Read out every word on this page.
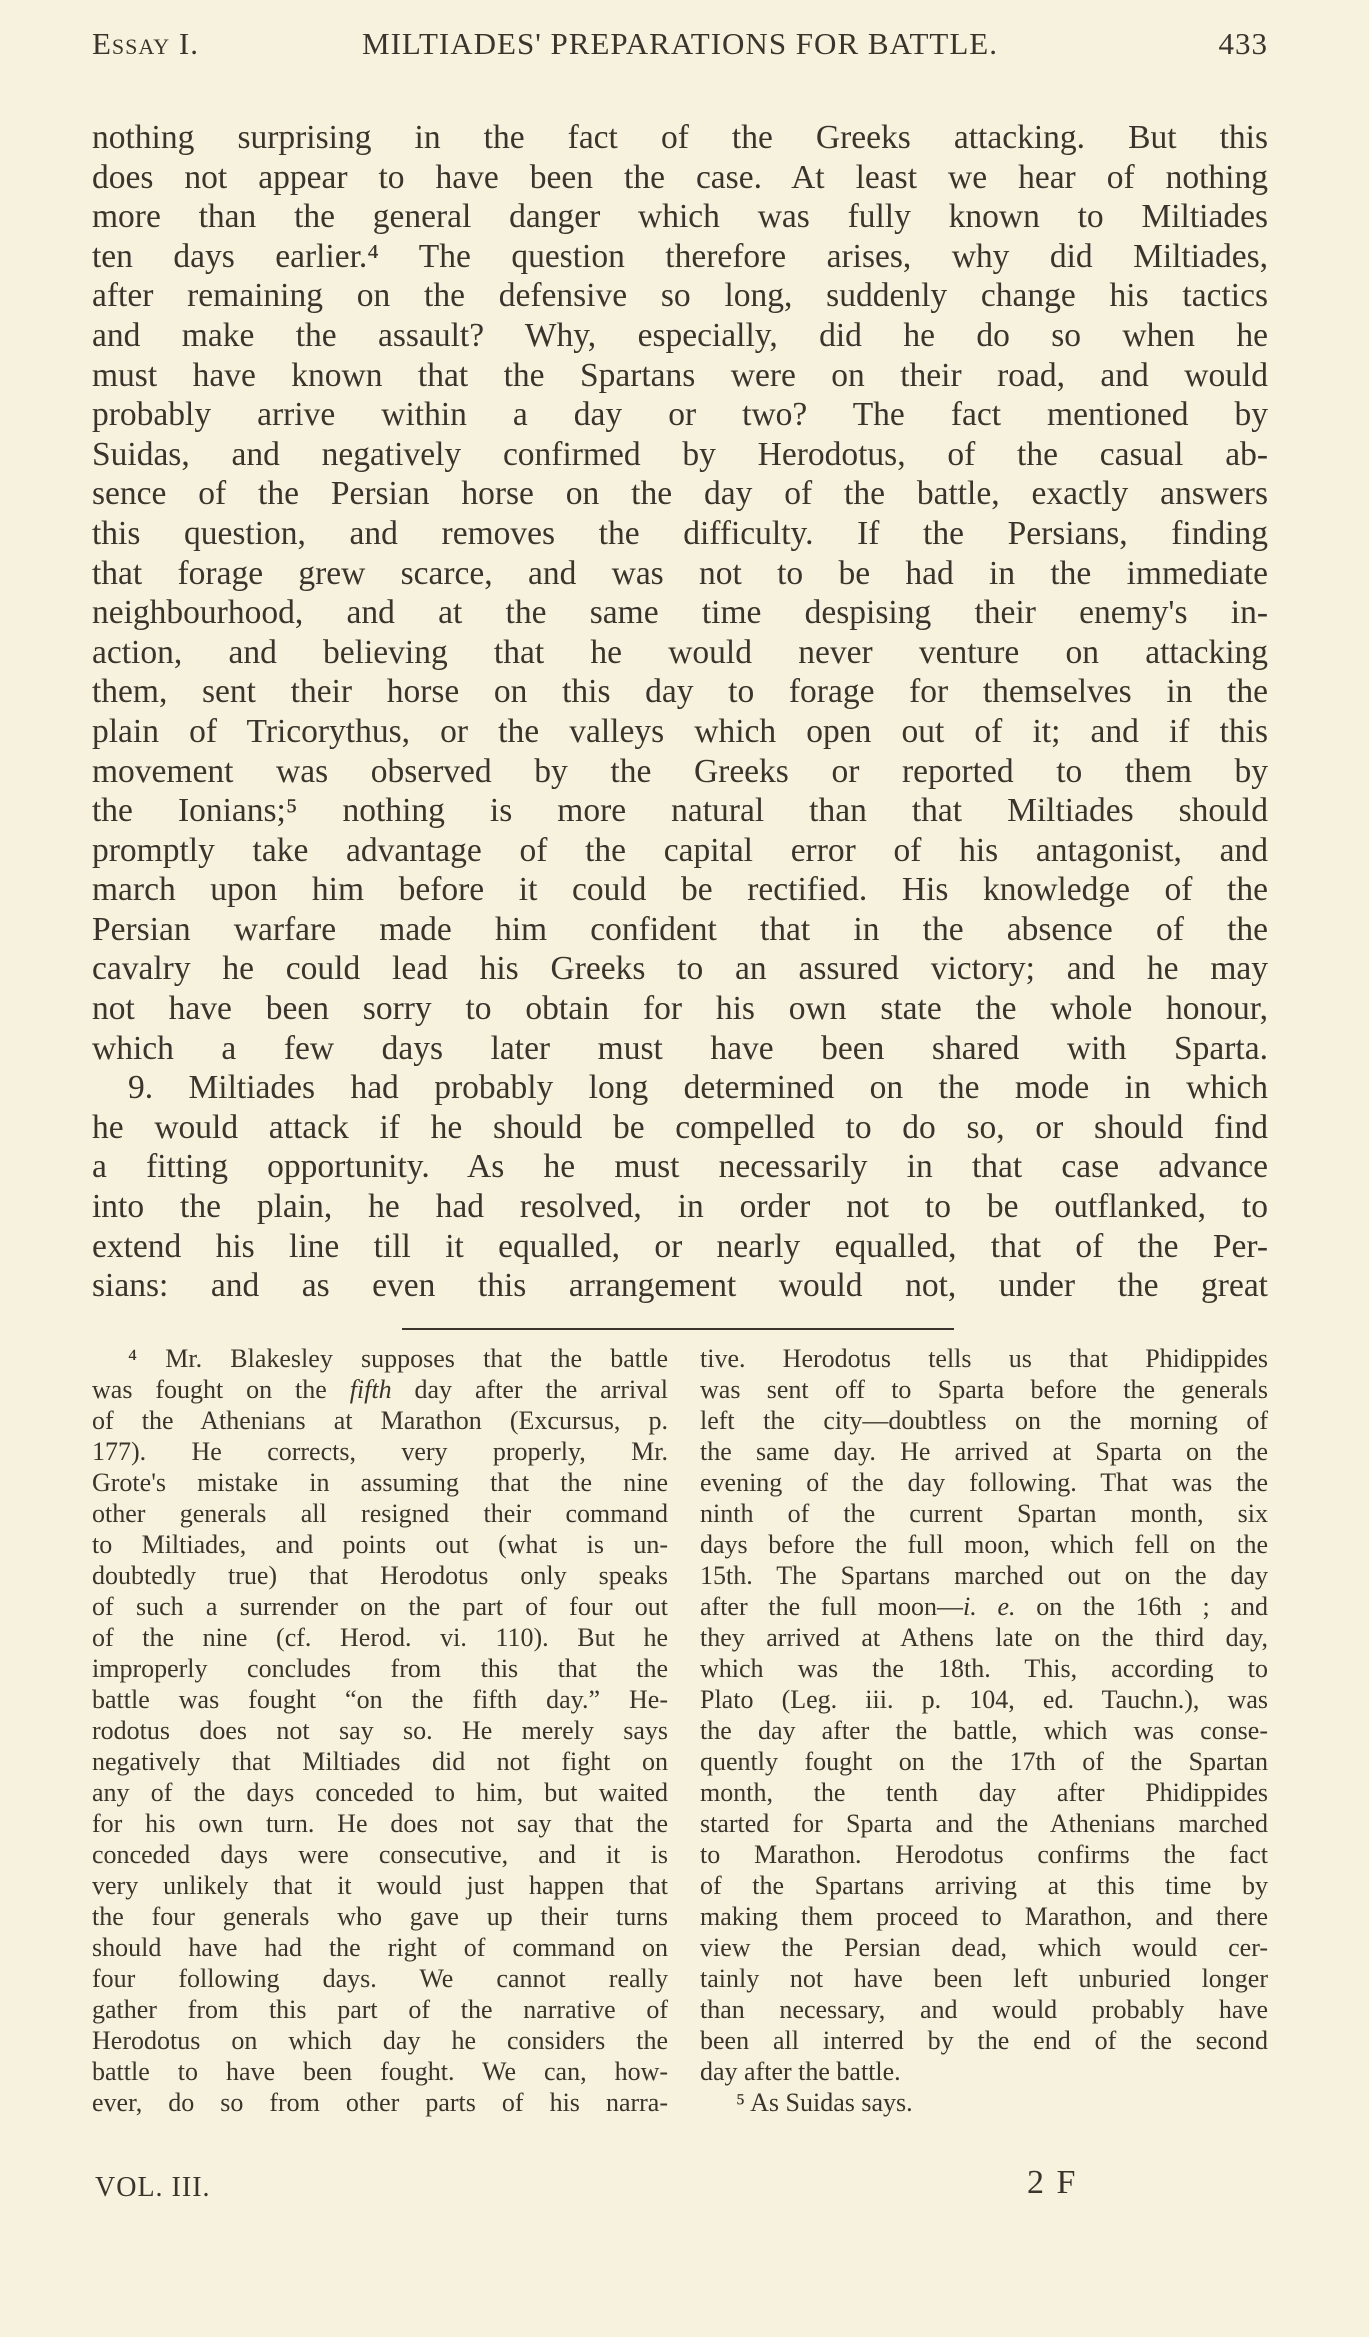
Essay I.	MILTIADES' PREPARATIONS FOR BATTLE.	433
nothing surprising in the fact of the Greeks attacking. But this
does not appear to have been the case. At least we hear of nothing
more than the general danger which was fully known to Miltiades
ten days earlier.⁴ The question therefore arises, why did Miltiades,
after remaining on the defensive so long, suddenly change his tactics
and make the assault? Why, especially, did he do so when he
must have known that the Spartans were on their road, and would
probably arrive within a day or two? The fact mentioned by
Suidas, and negatively confirmed by Herodotus, of the casual ab-
sence of the Persian horse on the day of the battle, exactly answers
this question, and removes the difficulty. If the Persians, finding
that forage grew scarce, and was not to be had in the immediate
neighbourhood, and at the same time despising their enemy's in-
action, and believing that he would never venture on attacking
them, sent their horse on this day to forage for themselves in the
plain of Tricorythus, or the valleys which open out of it; and if this
movement was observed by the Greeks or reported to them by
the Ionians;⁵ nothing is more natural than that Miltiades should
promptly take advantage of the capital error of his antagonist, and
march upon him before it could be rectified. His knowledge of the
Persian warfare made him confident that in the absence of the
cavalry he could lead his Greeks to an assured victory; and he may
not have been sorry to obtain for his own state the whole honour,
which a few days later must have been shared with Sparta.
9. Miltiades had probably long determined on the mode in which
he would attack if he should be compelled to do so, or should find
a fitting opportunity. As he must necessarily in that case advance
into the plain, he had resolved, in order not to be outflanked, to
extend his line till it equalled, or nearly equalled, that of the Per-
sians: and as even this arrangement would not, under the great
⁴ Mr. Blakesley supposes that the battle
was fought on the fifth day after the arrival
of the Athenians at Marathon (Excursus, p.
177). He corrects, very properly, Mr.
Grote's mistake in assuming that the nine
other generals all resigned their command
to Miltiades, and points out (what is un-
doubtedly true) that Herodotus only speaks
of such a surrender on the part of four out
of the nine (cf. Herod. vi. 110). But he
improperly concludes from this that the
battle was fought “on the fifth day.” He-
rodotus does not say so. He merely says
negatively that Miltiades did not fight on
any of the days conceded to him, but waited
for his own turn. He does not say that the
conceded days were consecutive, and it is
very unlikely that it would just happen that
the four generals who gave up their turns
should have had the right of command on
four following days. We cannot really
gather from this part of the narrative of
Herodotus on which day he considers the
battle to have been fought. We can, how-
ever, do so from other parts of his narra-
tive. Herodotus tells us that Phidippides
was sent off to Sparta before the generals
left the city—doubtless on the morning of
the same day. He arrived at Sparta on the
evening of the day following. That was the
ninth of the current Spartan month, six
days before the full moon, which fell on the
15th. The Spartans marched out on the day
after the full moon—i. e. on the 16th ; and
they arrived at Athens late on the third day,
which was the 18th. This, according to
Plato (Leg. iii. p. 104, ed. Tauchn.), was
the day after the battle, which was conse-
quently fought on the 17th of the Spartan
month, the tenth day after Phidippides
started for Sparta and the Athenians marched
to Marathon. Herodotus confirms the fact
of the Spartans arriving at this time by
making them proceed to Marathon, and there
view the Persian dead, which would cer-
tainly not have been left unburied longer
than necessary, and would probably have
been all interred by the end of the second
day after the battle.
⁵ As Suidas says.
VOL. III.	2 F
